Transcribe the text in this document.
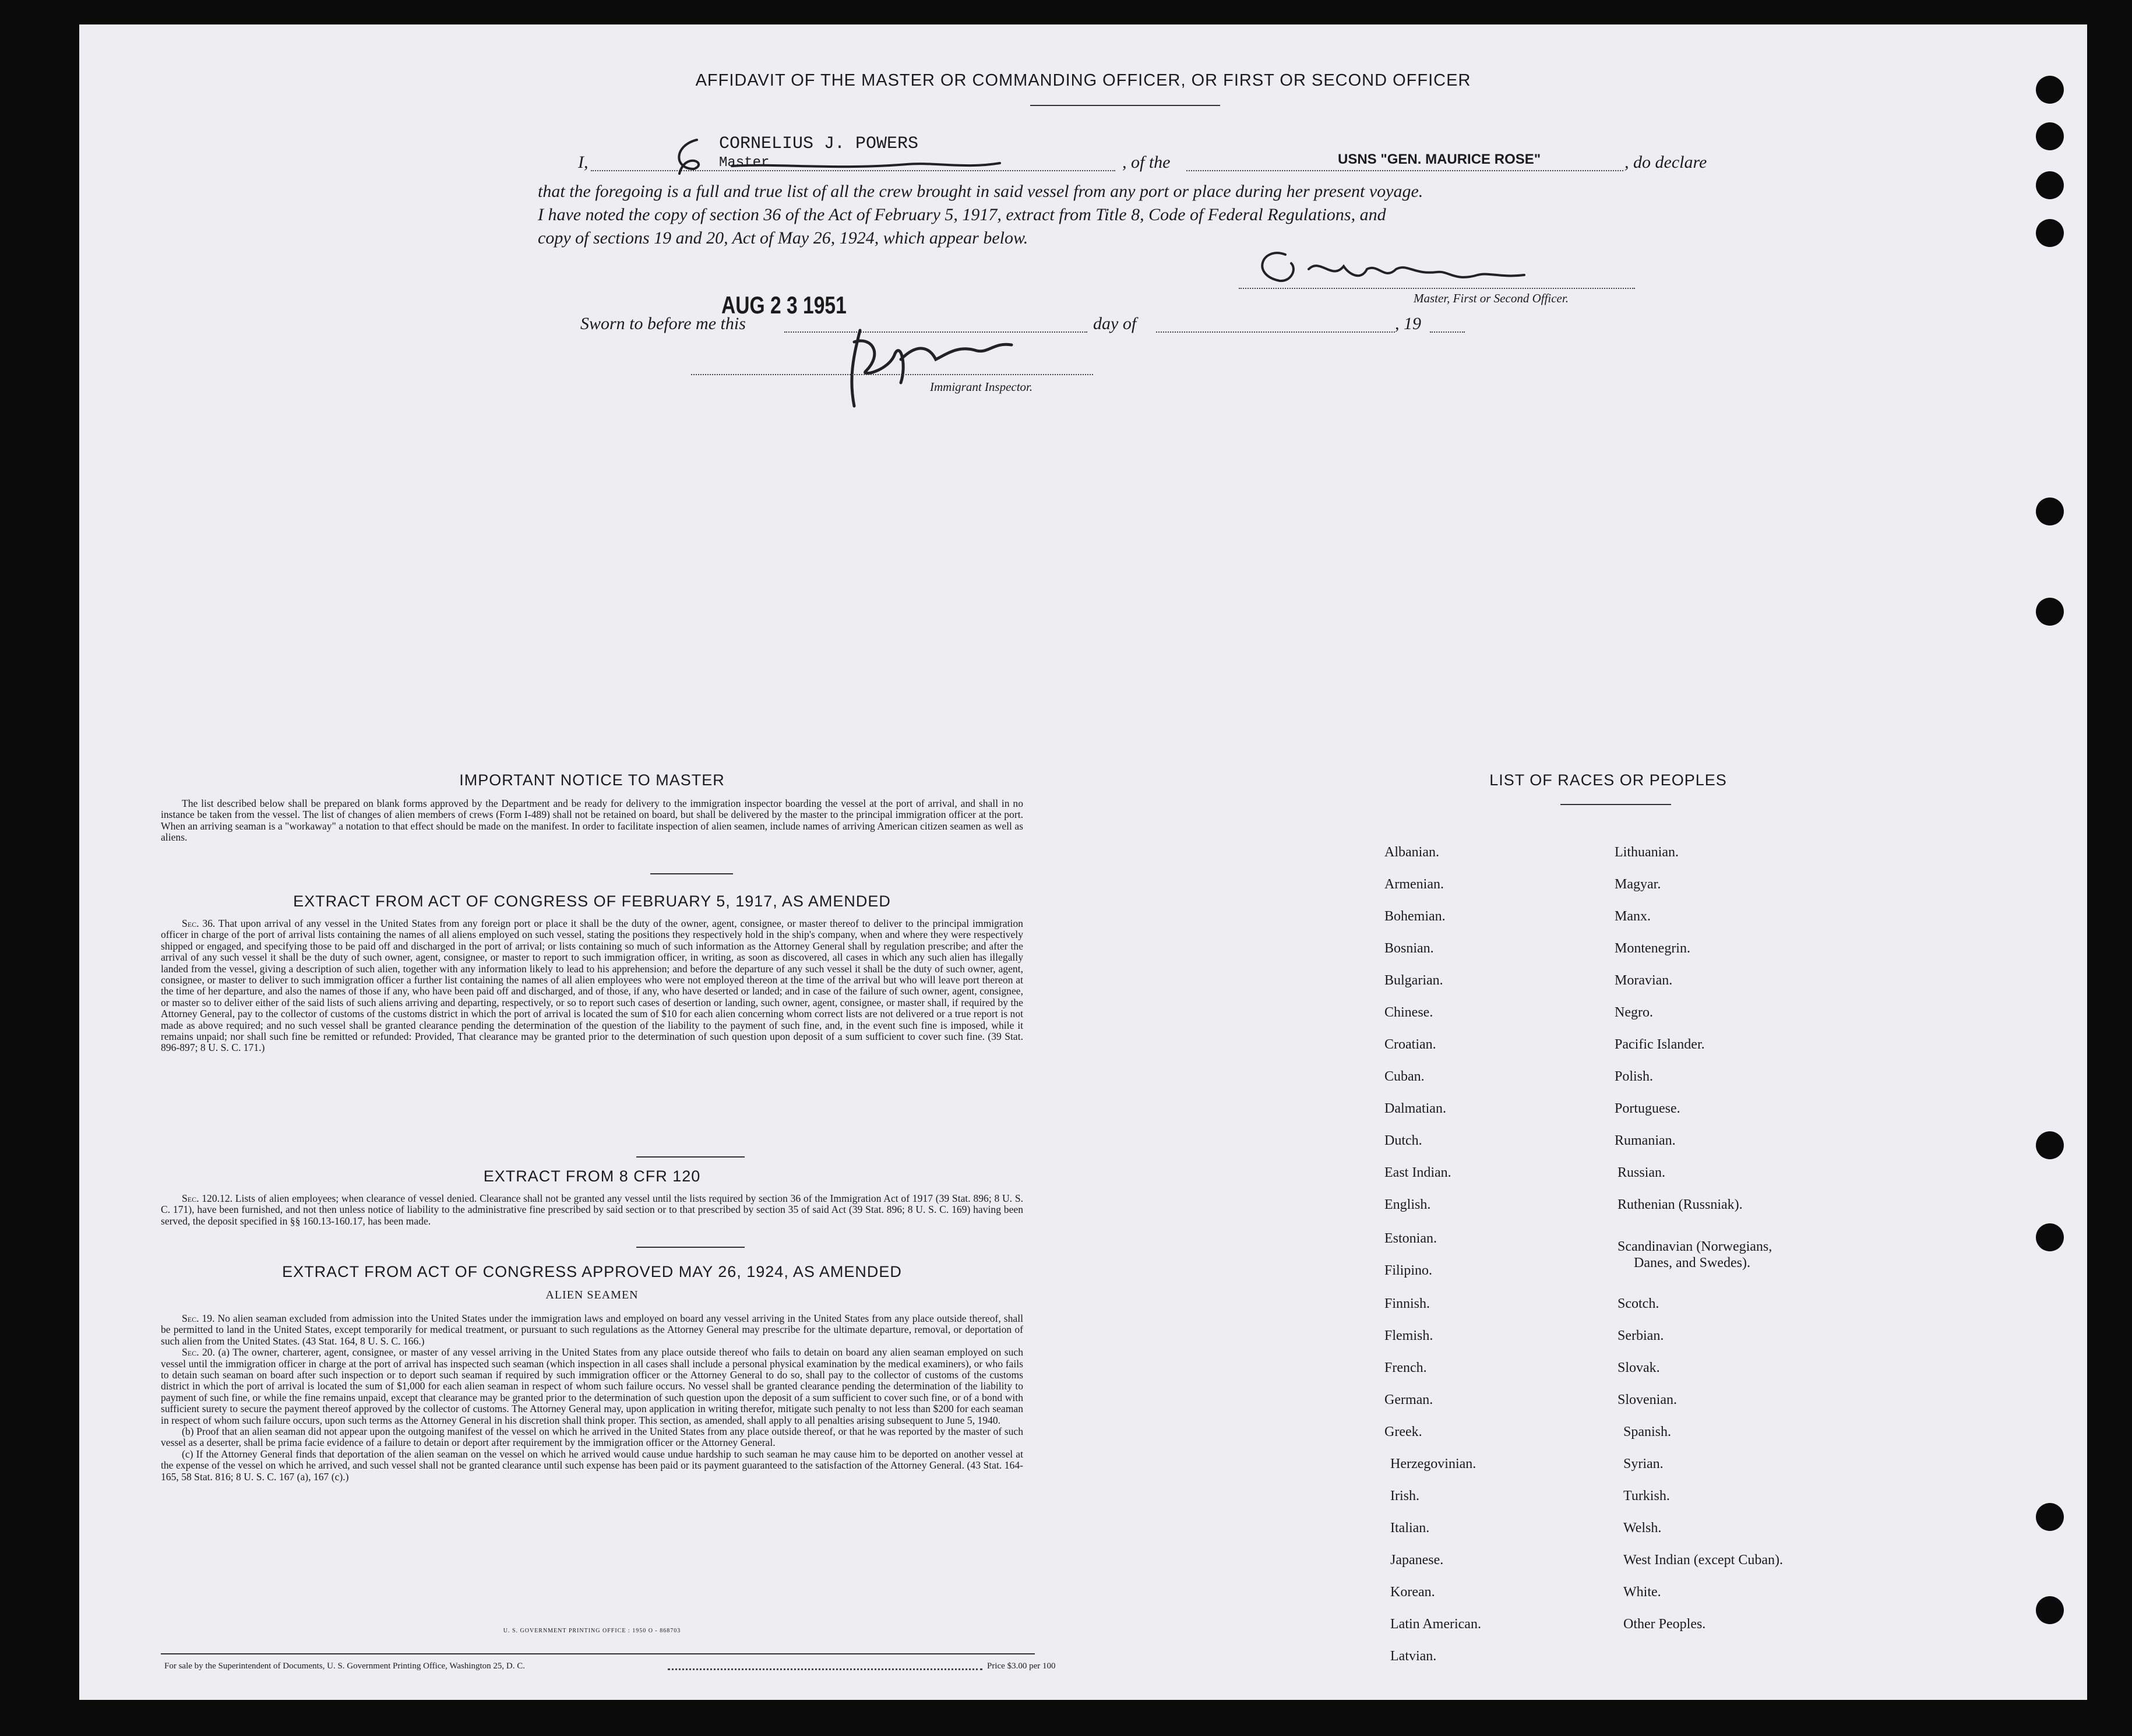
AFFIDAVIT OF THE MASTER OR COMMANDING OFFICER, OR FIRST OR SECOND OFFICER
I,
CORNELIUS J. POWERS
Master	, of the	USNS "GEN. MAURICE ROSE"	, do declare
that the foregoing is a full and true list of all the crew brought in said vessel from any port or place during her present voyage.
I have noted the copy of section 36 of the Act of February 5, 1917, extract from Title 8, Code of Federal Regulations, and
copy of sections 19 and 20, Act of May 26, 1924, which appear below.
Master, First or Second Officer.
Sworn to before me this
AUG 2 3 1951
day of	, 19
Immigrant Inspector.
IMPORTANT NOTICE TO MASTER

The list described below shall be prepared on blank forms approved by the Department and be ready for delivery to the immigration inspector boarding the vessel at the port of arrival, and shall in no instance be taken from the vessel. The list of changes of alien members of crews (Form I-489) shall not be retained on board, but shall be delivered by the master to the principal immigration officer at the port. When an arriving seaman is a "workaway" a notation to that effect should be made on the manifest. In order to facilitate inspection of alien seamen, include names of arriving American citizen seamen as well as aliens.

EXTRACT FROM ACT OF CONGRESS OF FEBRUARY 5, 1917, AS AMENDED

Sec. 36. That upon arrival of any vessel in the United States from any foreign port or place it shall be the duty of the owner, agent, consignee, or master thereof to deliver to the principal immigration officer in charge of the port of arrival lists containing the names of all aliens employed on such vessel, stating the positions they respectively hold in the ship's company, when and where they were respectively shipped or engaged, and specifying those to be paid off and discharged in the port of arrival; or lists containing so much of such information as the Attorney General shall by regulation prescribe; and after the arrival of any such vessel it shall be the duty of such owner, agent, consignee, or master to report to such immigration officer, in writing, as soon as discovered, all cases in which any such alien has illegally landed from the vessel, giving a description of such alien, together with any information likely to lead to his apprehension; and before the departure of any such vessel it shall be the duty of such owner, agent, consignee, or master to deliver to such immigration officer a further list containing the names of all alien employees who were not employed thereon at the time of the arrival but who will leave port thereon at the time of her departure, and also the names of those if any, who have been paid off and discharged, and of those, if any, who have deserted or landed; and in case of the failure of such owner, agent, consignee, or master so to deliver either of the said lists of such aliens arriving and departing, respectively, or so to report such cases of desertion or landing, such owner, agent, consignee, or master shall, if required by the Attorney General, pay to the collector of customs of the customs district in which the port of arrival is located the sum of $10 for each alien concerning whom correct lists are not delivered or a true report is not made as above required; and no such vessel shall be granted clearance pending the determination of the question of the liability to the payment of such fine, and, in the event such fine is imposed, while it remains unpaid; nor shall such fine be remitted or refunded: Provided, That clearance may be granted prior to the determination of such question upon deposit of a sum sufficient to cover such fine. (39 Stat. 896-897; 8 U. S. C. 171.)

EXTRACT FROM 8 CFR 120

Sec. 120.12. Lists of alien employees; when clearance of vessel denied. Clearance shall not be granted any vessel until the lists required by section 36 of the Immigration Act of 1917 (39 Stat. 896; 8 U. S. C. 171), have been furnished, and not then unless notice of liability to the administrative fine prescribed by said section or to that prescribed by section 35 of said Act (39 Stat. 896; 8 U. S. C. 169) having been served, the deposit specified in §§ 160.13-160.17, has been made.

EXTRACT FROM ACT OF CONGRESS APPROVED MAY 26, 1924, AS AMENDED
ALIEN SEAMEN

Sec. 19. No alien seaman excluded from admission into the United States under the immigration laws and employed on board any vessel arriving in the United States from any place outside thereof, shall be permitted to land in the United States, except temporarily for medical treatment, or pursuant to such regulations as the Attorney General may prescribe for the ultimate departure, removal, or deportation of such alien from the United States. (43 Stat. 164, 8 U. S. C. 166.)

Sec. 20. (a) The owner, charterer, agent, consignee, or master of any vessel arriving in the United States from any place outside thereof who fails to detain on board any alien seaman employed on such vessel until the immigration officer in charge at the port of arrival has inspected such seaman (which inspection in all cases shall include a personal physical examination by the medical examiners), or who fails to detain such seaman on board after such inspection or to deport such seaman if required by such immigration officer or the Attorney General to do so, shall pay to the collector of customs of the customs district in which the port of arrival is located the sum of $1,000 for each alien seaman in respect of whom such failure occurs. No vessel shall be granted clearance pending the determination of the liability to payment of such fine, or while the fine remains unpaid, except that clearance may be granted prior to the determination of such question upon the deposit of a sum sufficient to cover such fine, or of a bond with sufficient surety to secure the payment thereof approved by the collector of customs. The Attorney General may, upon application in writing therefor, mitigate such penalty to not less than $200 for each seaman in respect of whom such failure occurs, upon such terms as the Attorney General in his discretion shall think proper. This section, as amended, shall apply to all penalties arising subsequent to June 5, 1940.

(b) Proof that an alien seaman did not appear upon the outgoing manifest of the vessel on which he arrived in the United States from any place outside thereof, or that he was reported by the master of such vessel as a deserter, shall be prima facie evidence of a failure to detain or deport after requirement by the immigration officer or the Attorney General.

(c) If the Attorney General finds that deportation of the alien seaman on the vessel on which he arrived would cause undue hardship to such seaman he may cause him to be deported on another vessel at the expense of the vessel on which he arrived, and such vessel shall not be granted clearance until such expense has been paid or its payment guaranteed to the satisfaction of the Attorney General. (43 Stat. 164-165, 58 Stat. 816; 8 U. S. C. 167 (a), 167 (c).)

U. S. GOVERNMENT PRINTING OFFICE : 1950 O - 868703
For sale by the Superintendent of Documents, U. S. Government Printing Office, Washington 25, D. C.	Price $3.00 per 100
LIST OF RACES OR PEOPLES
Albanian.
Armenian.
Bohemian.
Bosnian.
Bulgarian.
Chinese.
Croatian.
Cuban.
Dalmatian.
Dutch.
East Indian.
English.
Estonian.
Filipino.
Finnish.
Flemish.
French.
German.
Greek.
Herzegovinian.
Irish.
Italian.
Japanese.
Korean.
Latin American.
Latvian.
Lithuanian.
Magyar.
Manx.
Montenegrin.
Moravian.
Negro.
Pacific Islander.
Polish.
Portuguese.
Rumanian.
Russian.
Ruthenian (Russniak).
Scandinavian (Norwegians,
Danes, and Swedes).
Scotch.
Serbian.
Slovak.
Slovenian.
Spanish.
Syrian.
Turkish.
Welsh.
West Indian (except Cuban).
White.
Other Peoples.
